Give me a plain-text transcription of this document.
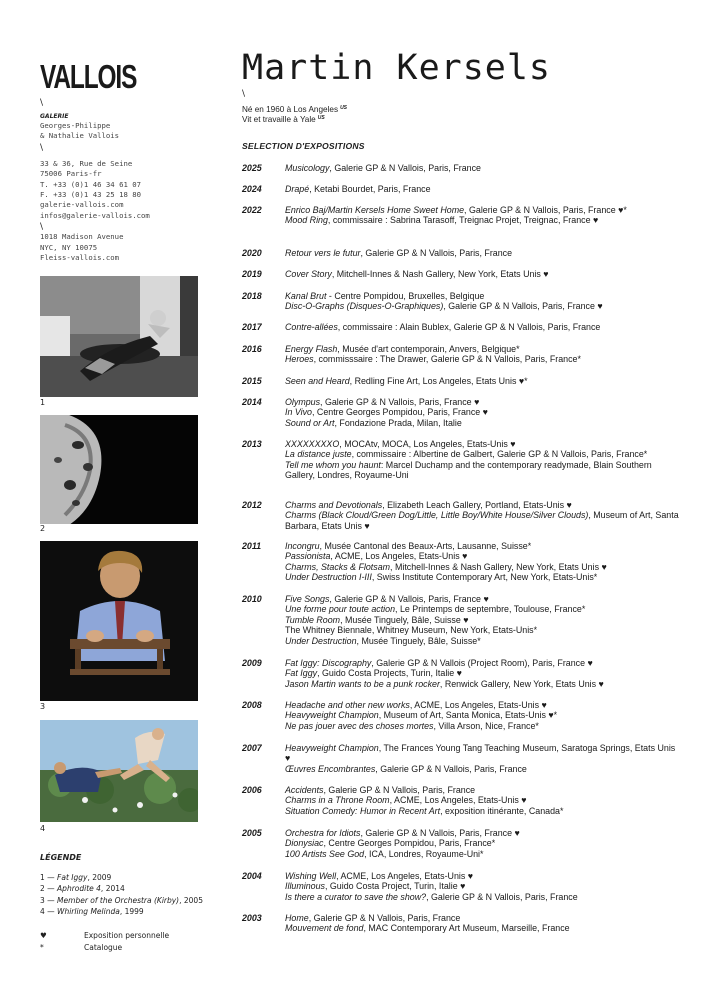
VALLOIS
\
GALERIE
Georges-Philippe
& Nathalie Vallois
\
33 & 36, Rue de Seine
75006 Paris-fr
T. +33 (0)1 46 34 61 07
F. +33 (0)1 43 25 18 80
galerie-vallois.com
infos@galerie-vallois.com
\
1018 Madison Avenue
NYC, NY 10075
Fleiss-vallois.com
1
2
3
4
LÉGENDE
1 — Fat Iggy, 2009
2 — Aphrodite 4, 2014
3 — Member of the Orchestra (Kirby), 2005
4 — Whirling Melinda, 1999
♥	Exposition personnelle
*	Catalogue
Martin Kersels
\
Né en 1960 à Los Angeles $^{US}$
Vit et travaille à Yale $^{US}$
SELECTION D'EXPOSITIONS
2025	Musicology, Galerie GP & N Vallois, Paris, France
2024	Drapé, Ketabi Bourdet, Paris, France
2022	Enrico Baj/Martin Kersels Home Sweet Home, Galerie GP & N Vallois, Paris, France ♥*
Mood Ring, commissaire : Sabrina Tarasoff, Treignac Projet, Treignac, France ♥
2020	Retour vers le futur, Galerie GP & N Vallois, Paris, France
2019	Cover Story, Mitchell-Innes & Nash Gallery, New York, Etats Unis ♥
2018	Kanal Brut - Centre Pompidou, Bruxelles, Belgique
Disc-O-Graphs (Disques-O-Graphiques), Galerie GP & N Vallois, Paris, France ♥
2017	Contre-allées, commissaire : Alain Bublex, Galerie GP & N Vallois, Paris, France
2016	Energy Flash, Musée d'art contemporain, Anvers, Belgique*
Heroes, commisssaire : The Drawer, Galerie GP & N Vallois, Paris, France*
2015	Seen and Heard, Redling Fine Art, Los Angeles, Etats Unis ♥*
2014	Olympus, Galerie GP & N Vallois, Paris, France ♥
In Vivo, Centre Georges Pompidou, Paris, France ♥
Sound or Art, Fondazione Prada, Milan, Italie
2013	XXXXXXXXO, MOCAtv, MOCA, Los Angeles, Etats-Unis ♥
La distance juste, commissaire : Albertine de Galbert, Galerie GP & N Vallois, Paris, France*
Tell me whom you haunt: Marcel Duchamp and the contemporary readymade, Blain Southern Gallery, Londres, Royaume-Uni
2012	Charms and Devotionals, Elizabeth Leach Gallery, Portland, Etats-Unis ♥
Charms (Black Cloud/Green Dog/Little, Little Boy/White House/Silver Clouds), Museum of Art, Santa Barbara, Etats Unis ♥
2011	Incongru, Musée Cantonal des Beaux-Arts, Lausanne, Suisse*
Passionista, ACME, Los Angeles, Etats-Unis ♥
Charms, Stacks & Flotsam, Mitchell-Innes & Nash Gallery, New York, Etats Unis ♥
Under Destruction I-III, Swiss Institute Contemporary Art, New York, Etats-Unis*
2010	Five Songs, Galerie GP & N Vallois, Paris, France ♥
Une forme pour toute action, Le Printemps de septembre, Toulouse, France*
Tumble Room, Musée Tinguely, Bâle, Suisse ♥
The Whitney Biennale, Whitney Museum, New York, Etats-Unis*
Under Destruction, Musée Tinguely, Bâle, Suisse*
2009	Fat Iggy: Discography, Galerie GP & N Vallois (Project Room), Paris, France ♥
Fat Iggy, Guido Costa Projects, Turin, Italie ♥
Jason Martin wants to be a punk rocker, Renwick Gallery, New York, Etats Unis ♥
2008	Headache and other new works, ACME, Los Angeles, Etats-Unis ♥
Heavyweight Champion, Museum of Art, Santa Monica, Etats-Unis ♥*
Ne pas jouer avec des choses mortes, Villa Arson, Nice, France*
2007	Heavyweight Champion, The Frances Young Tang Teaching Museum, Saratoga Springs, Etats Unis ♥
Œuvres Encombrantes, Galerie GP & N Vallois, Paris, France
2006	Accidents, Galerie GP & N Vallois, Paris, France
Charms in a Throne Room, ACME, Los Angeles, Etats-Unis ♥
Situation Comedy: Humor in Recent Art, exposition itinérante, Canada*
2005	Orchestra for Idiots, Galerie GP & N Vallois, Paris, France ♥
Dionysiac, Centre Georges Pompidou, Paris, France*
100 Artists See God, ICA, Londres, Royaume-Uni*
2004	Wishing Well, ACME, Los Angeles, Etats-Unis ♥
Illuminous, Guido Costa Project, Turin, Italie ♥
Is there a curator to save the show?, Galerie GP & N Vallois, Paris, France
2003	Home, Galerie GP & N Vallois, Paris, France
Mouvement de fond, MAC Contemporary Art Museum, Marseille, France
